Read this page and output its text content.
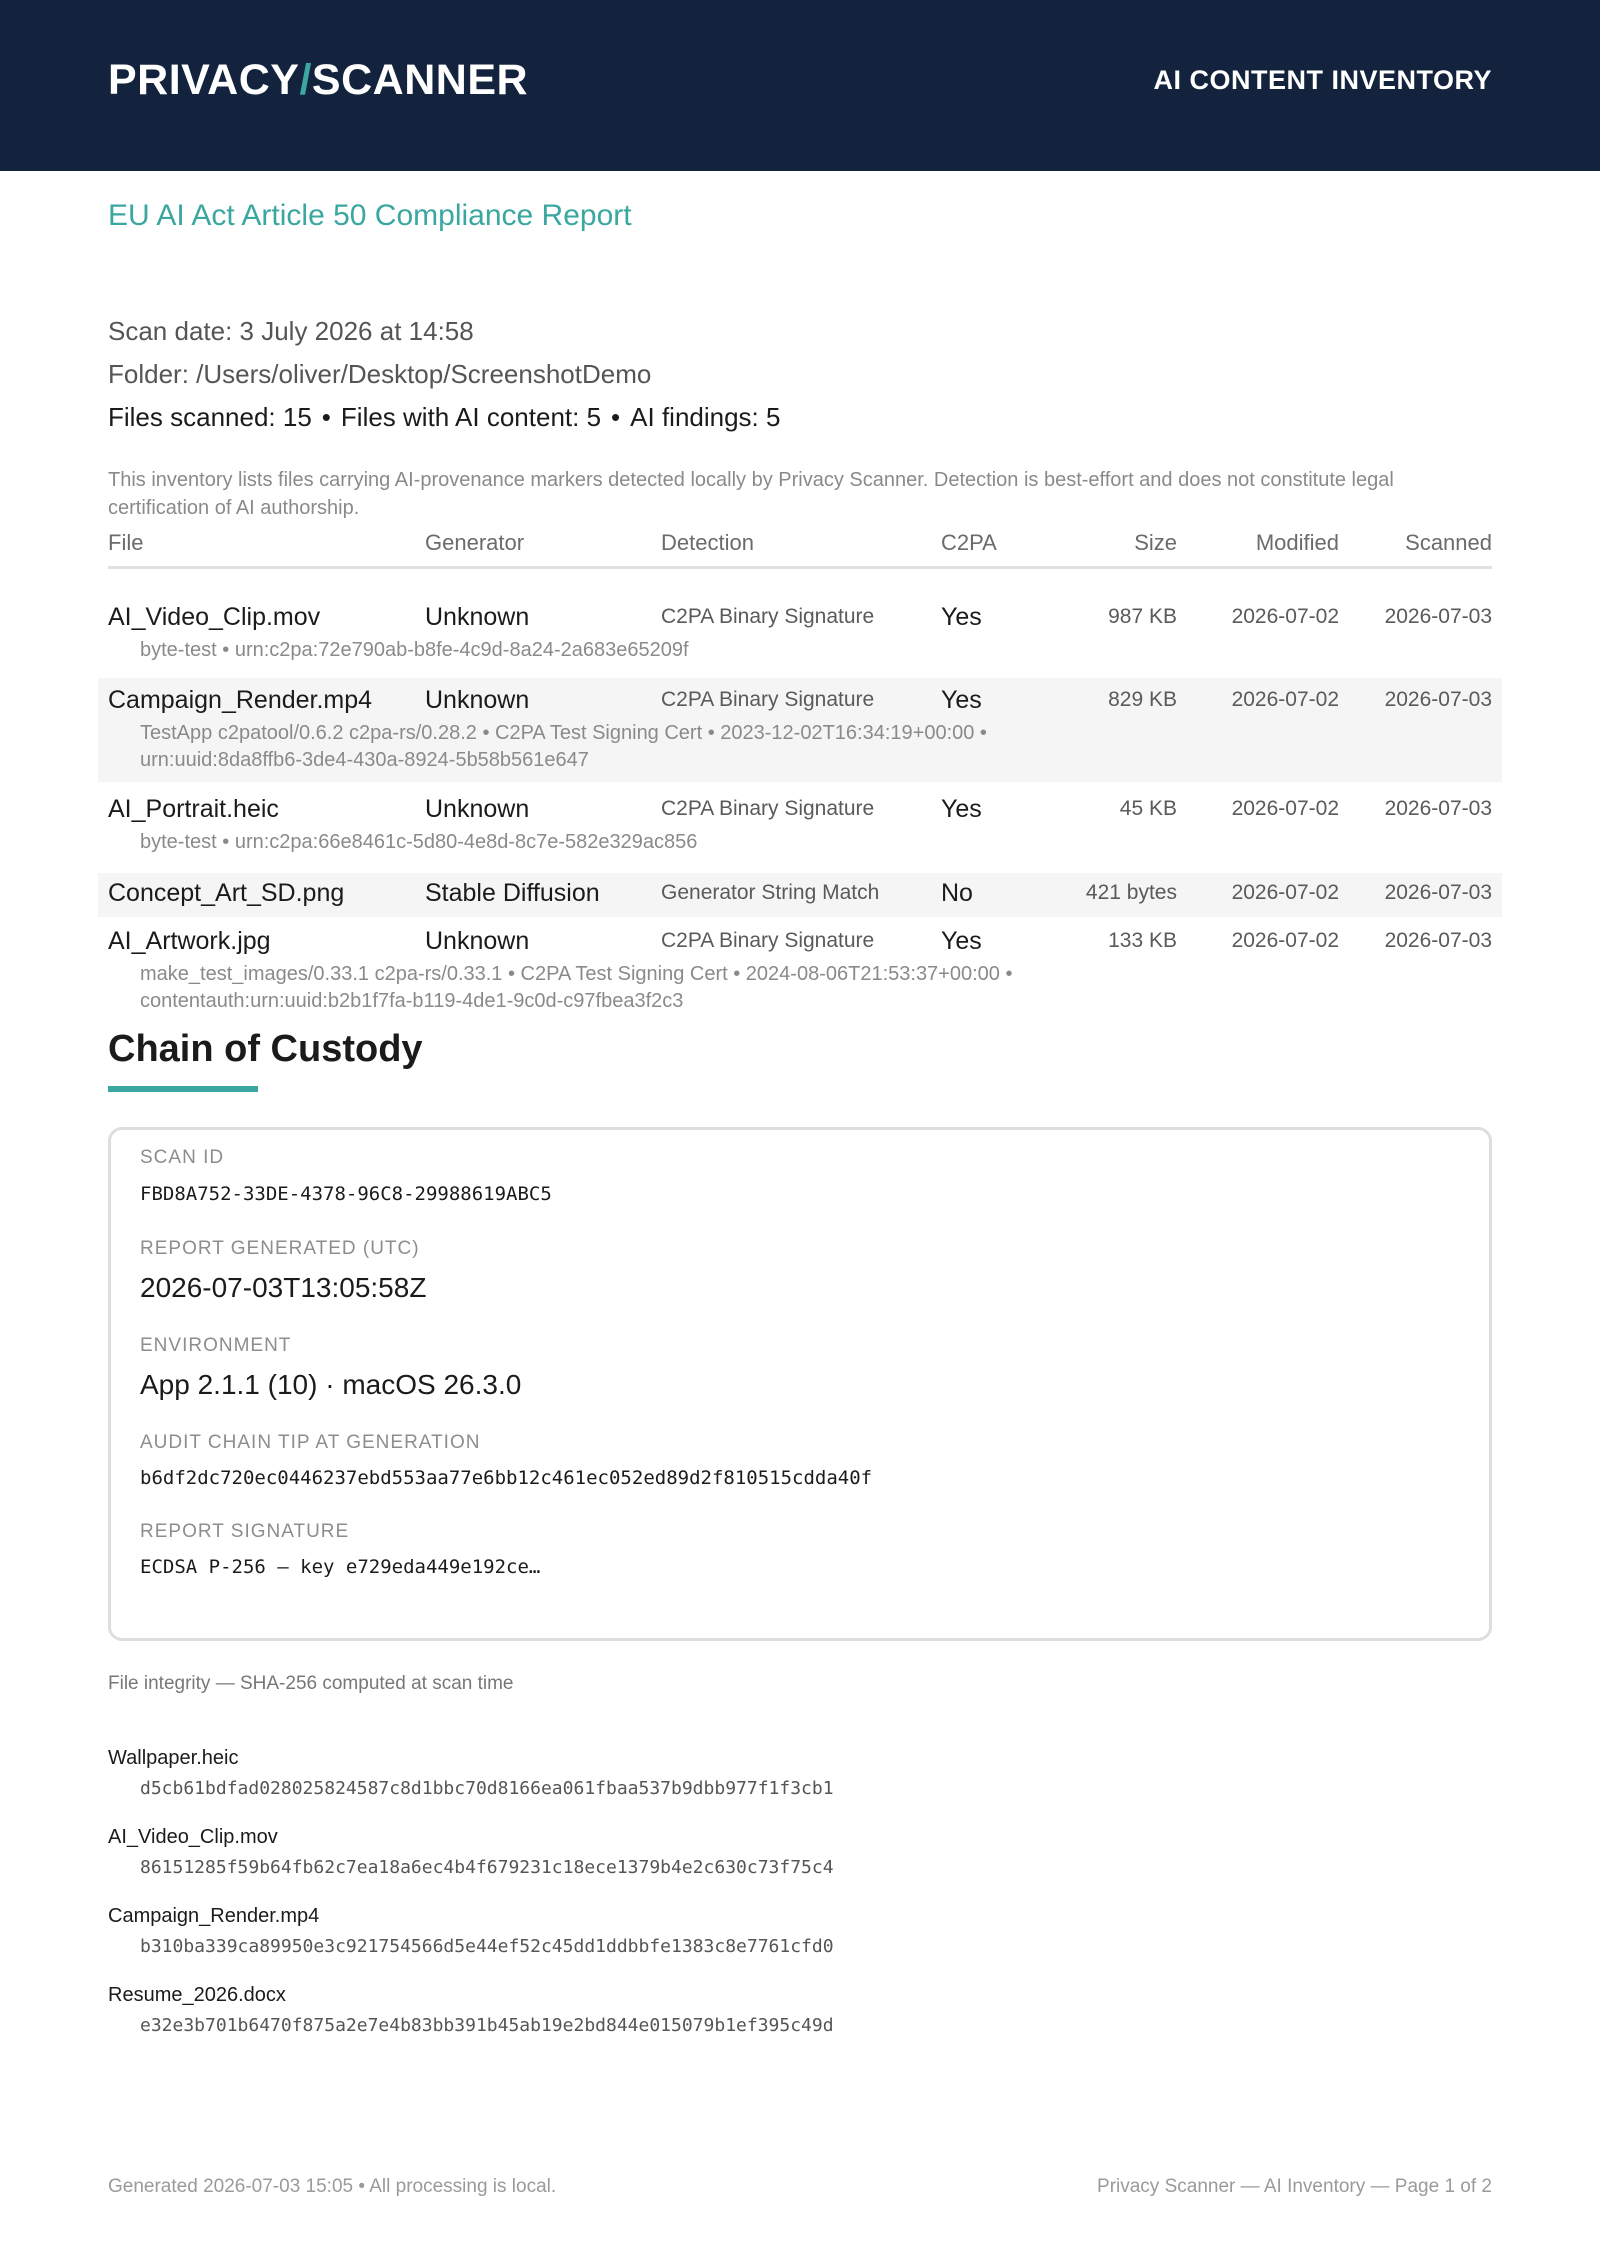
PRIVACY/SCANNER	AI CONTENT INVENTORY
EU AI Act Article 50 Compliance Report
Scan date: 3 July 2026 at 14:58
Folder: /Users/oliver/Desktop/ScreenshotDemo
Files scanned: 15 • Files with AI content: 5 • AI findings: 5
This inventory lists files carrying AI-provenance markers detected locally by Privacy Scanner. Detection is best-effort and does not constitute legal certification of AI authorship.
File	Generator	Detection	C2PA	Size	Modified	Scanned
AI_Video_Clip.mov	Unknown	C2PA Binary Signature	Yes	987 KB	2026-07-02 2026-07-03
byte-test • urn:c2pa:72e790ab-b8fe-4c9d-8a24-2a683e65209f
Campaign_Render.mp4 Unknown	C2PA Binary Signature	Yes	829 KB	2026-07-02 2026-07-03
TestApp c2patool/0.6.2 c2pa-rs/0.28.2 • C2PA Test Signing Cert • 2023-12-02T16:34:19+00:00 •
urn:uuid:8da8ffb6-3de4-430a-8924-5b58b561e647
AI_Portrait.heic	Unknown	C2PA Binary Signature	Yes	45 KB	2026-07-02 2026-07-03
byte-test • urn:c2pa:66e8461c-5d80-4e8d-8c7e-582e329ac856
Concept_Art_SD.png	Stable Diffusion	Generator String Match No	421 bytes	2026-07-02 2026-07-03
AI_Artwork.jpg	Unknown	C2PA Binary Signature	Yes	133 KB	2026-07-02 2026-07-03
make_test_images/0.33.1 c2pa-rs/0.33.1 • C2PA Test Signing Cert • 2024-08-06T21:53:37+00:00 •
contentauth:urn:uuid:b2b1f7fa-b119-4de1-9c0d-c97fbea3f2c3
Chain of Custody
SCAN ID
FBD8A752-33DE-4378-96C8-29988619ABC5
REPORT GENERATED (UTC)
2026-07-03T13:05:58Z
ENVIRONMENT
App 2.1.1 (10) · macOS 26.3.0
AUDIT CHAIN TIP AT GENERATION
b6df2dc720ec0446237ebd553aa77e6bb12c461ec052ed89d2f810515cdda40f
REPORT SIGNATURE
ECDSA P-256 — key e729eda449e192ce…
File integrity — SHA-256 computed at scan time
Wallpaper.heic
d5cb61bdfad028025824587c8d1bbc70d8166ea061fbaa537b9dbb977f1f3cb1
AI_Video_Clip.mov
86151285f59b64fb62c7ea18a6ec4b4f679231c18ece1379b4e2c630c73f75c4
Campaign_Render.mp4
b310ba339ca89950e3c921754566d5e44ef52c45dd1ddbbfe1383c8e7761cfd0
Resume_2026.docx
e32e3b701b6470f875a2e7e4b83bb391b45ab19e2bd844e015079b1ef395c49d
Generated 2026-07-03 15:05 • All processing is local.	Privacy Scanner — AI Inventory — Page 1 of 2
